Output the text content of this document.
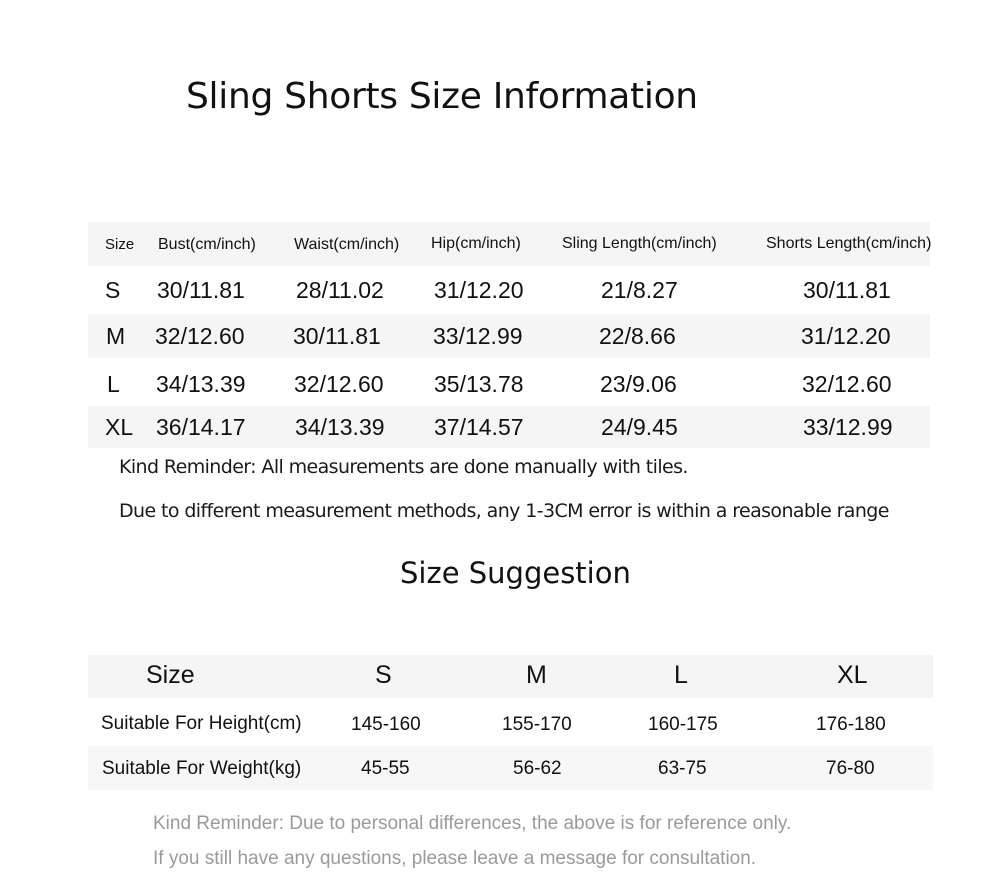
Sling Shorts Size Information
Size Bust(cm/inch) Waist(cm/inch) Hip(cm/inch)	Sling Length(cm/inch)	Shorts Length(cm/inch)
S 30/11.81 28/11.02 31/12.20	21/8.27	30/11.81
M 32/12.60 30/11.81 33/12.99	22/8.66	31/12.20
L 34/13.39 32/12.60 35/13.78	23/9.06	32/12.60
XL 36/14.17 34/13.39 37/14.57	24/9.45	33/12.99
Kind Reminder: All measurements are done manually with tiles.
Due to different measurement methods, any 1-3CM error is within a reasonable range
Size Suggestion
Size	S	M	L	XL
Suitable For Height(cm)	145-160	155-170	160-175	176-180
Suitable For Weight(kg)	45-55	56-62	63-75	76-80
Kind Reminder: Due to personal differences, the above is for reference only.
If you still have any questions, please leave a message for consultation.
